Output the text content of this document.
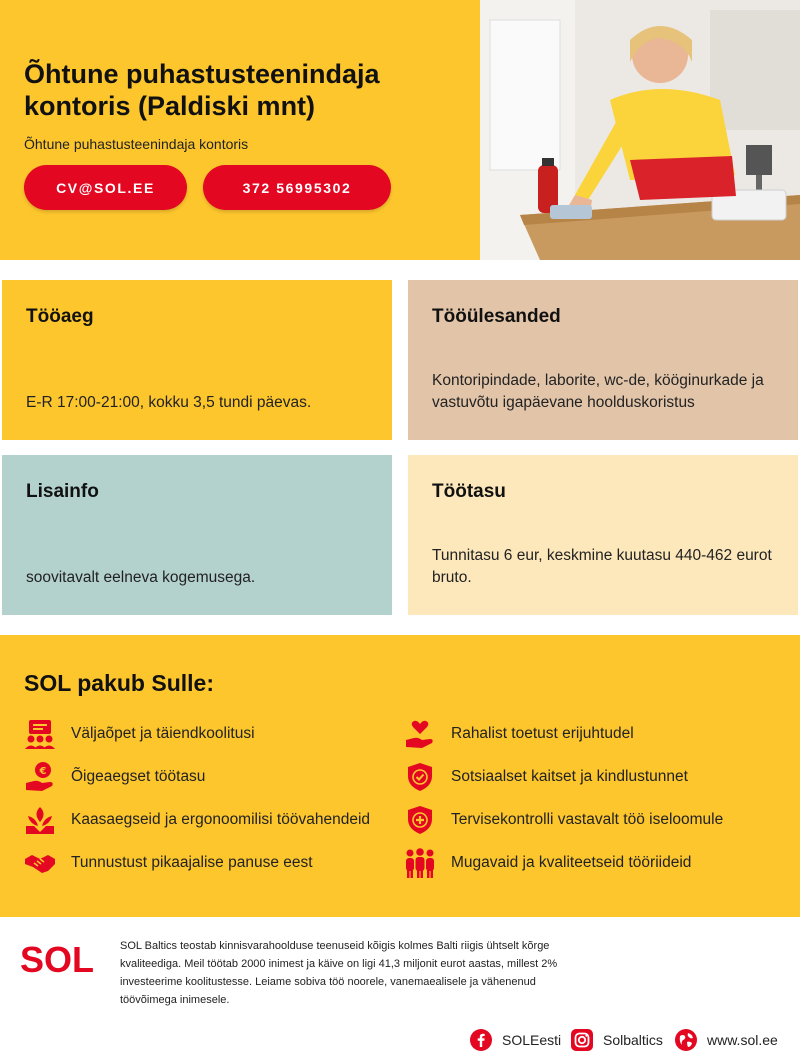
Õhtune puhastusteenindaja kontoris (Paldiski mnt)

Õhtune puhastusteenindaja kontoris

CV@SOL.EE	372 56995302
Tööaeg

E-R 17:00-21:00, kokku 3,5 tundi päevas.

Tööülesanded

Kontoripindade, laborite, wc-de, kööginurkade ja vastuvõtu igapäevane hoolduskoristus

Lisainfo

soovitavalt eelneva kogemusega.

Töötasu

Tunnitasu 6 eur, keskmine kuutasu 440-462 eurot bruto.

SOL pakub Sulle:
Väljaõpet ja täiendkoolitusi
€ Õigeaegset töötasu
Kaasaegseid ja ergonoomilisi töövahendeid
Tunnustust pikaajalise panuse eest
Rahalist toetust erijuhtudel
Sotsiaalset kaitset ja kindlustunnet
Tervisekontrolli vastavalt töö iseloomule
Mugavaid ja kvaliteetseid tööriideid
SOL SOL Baltics teostab kinnisvarahoolduse teenuseid kõigis kolmes Balti riigis ühtselt kõrge kvaliteediga. Meil töötab 2000 inimest ja käive on ligi 41,3 miljonit eurot aastas, millest 2% investeerime koolitustesse. Leiame sobiva töö noorele, vanemaealisele ja vähenenud töövõimega inimesele.

SOLEesti	Solbaltics	www.sol.ee
